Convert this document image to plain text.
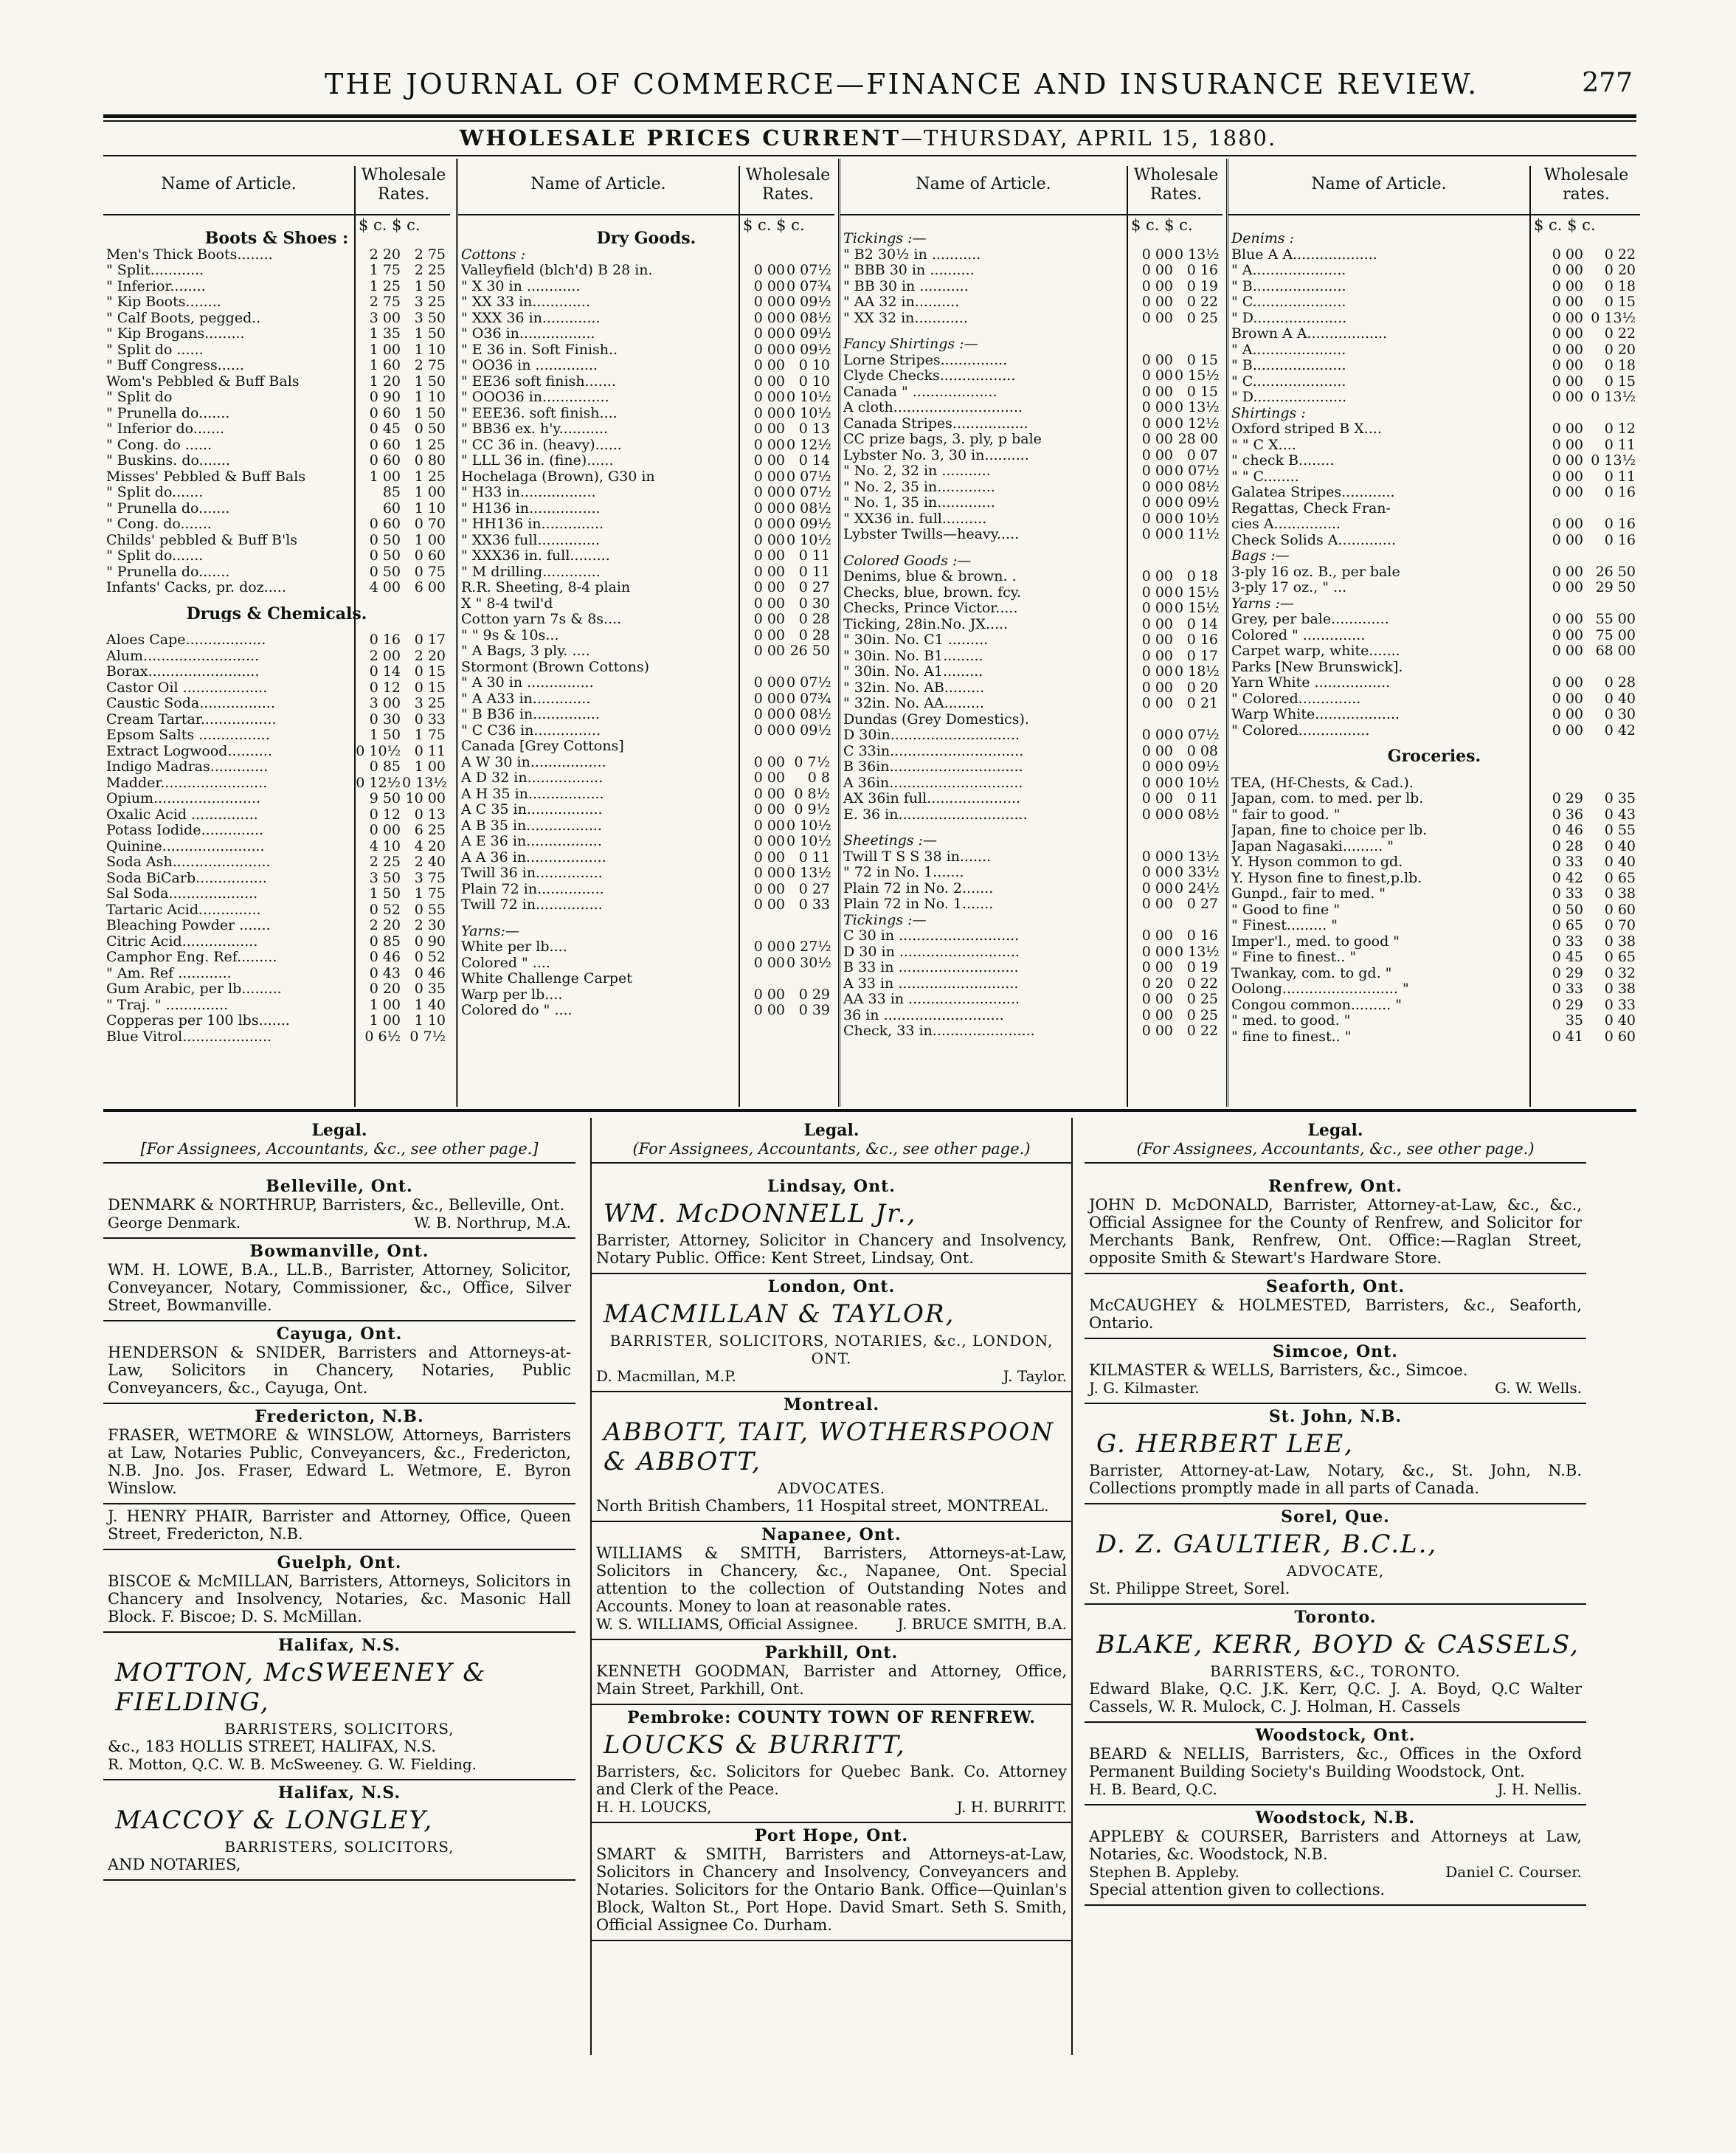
THE JOURNAL OF COMMERCE—FINANCE AND INSURANCE REVIEW.	277
WHOLESALE PRICES CURRENT—THURSDAY, APRIL 15, 1880.
Name of Article.	Wholesale Rates.
$ c. $ c.
Boots & Shoes :
Men's Thick Boots........	2 20 2 75
" Split............	1 75 2 25
" Inferior........	1 25 1 50
" Kip Boots........	2 75 3 25
" Calf Boots, pegged..	3 00 3 50
" Kip Brogans.........	1 35 1 50
" Split do ......	1 00 1 10
" Buff Congress......	1 60 2 75
Wom's Pebbled & Buff Bals	1 20 1 50
" Split do	0 90 1 10
" Prunella do.......	0 60 1 50
" Inferior do.......	0 45 0 50
" Cong. do ......	0 60 1 25
" Buskins. do.......	0 60 0 80
Misses' Pebbled & Buff Bals	1 00 1 25
" Split do.......	85 1 00
" Prunella do.......	60 1 10
" Cong. do.......	0 60 0 70
Childs' pebbled & Buff B'ls	0 50 1 00
" Split do.......	0 50 0 60
" Prunella do.......	0 50 0 75
Infants' Cacks, pr. doz.....	4 00 6 00
Drugs & Chemicals.
Aloes Cape..................	0 16 0 17
Alum..........................	2 00 2 20
Borax.........................	0 14 0 15
Castor Oil ...................	0 12 0 15
Caustic Soda.................	3 00 3 25
Cream Tartar.................	0 30 0 33
Epsom Salts ................	1 50 1 75
Extract Logwood..........	0 10½ 0 11
Indigo Madras.............	0 85 1 00
Madder........................	0 12½ 0 13½
Opium........................	9 50 10 00
Oxalic Acid ...............	0 12 0 13
Potass Iodide..............	0 00 6 25
Quinine.......................	4 10 4 20
Soda Ash......................	2 25 2 40
Soda BiCarb................	3 50 3 75
Sal Soda....................	1 50 1 75
Tartaric Acid..............	0 52 0 55
Bleaching Powder .......	2 20 2 30
Citric Acid.................	0 85 0 90
Camphor Eng. Ref.........	0 46 0 52
" Am. Ref ............	0 43 0 46
Gum Arabic, per lb.........	0 20 0 35
" Traj. " ..............	1 00 1 40
Copperas per 100 lbs.......	1 00 1 10
Blue Vitrol....................	0 6½ 0 7½
Name of Article.	Wholesale Rates.
$ c. $ c.
Dry Goods.
Cottons :
Valleyfield (blch'd) B 28 in.	0 00 0 07½
" X 30 in ............	0 00 0 07¾
" XX 33 in.............	0 00 0 09½
" XXX 36 in.............	0 00 0 08½
" O36 in.................	0 00 0 09½
" E 36 in. Soft Finish..	0 00 0 09½
" OO36 in ..............	0 00 0 10
" EE36 soft finish.......	0 00 0 10
" OOO36 in...............	0 00 0 10½
" EEE36. soft finish....	0 00 0 10½
" BB36 ex. h'y...........	0 00 0 13
" CC 36 in. (heavy)......	0 00 0 12½
" LLL 36 in. (fine)......	0 00 0 14
Hochelaga (Brown), G30 in	0 00 0 07½
" H33 in.................	0 00 0 07½
" H136 in................	0 00 0 08½
" HH136 in..............	0 00 0 09½
" XX36 full..............	0 00 0 10½
" XXX36 in. full.........	0 00 0 11
" M drilling.............	0 00 0 11
R.R. Sheeting, 8-4 plain	0 00 0 27
X " 8-4 twil'd	0 00 0 30
Cotton yarn 7s & 8s....	0 00 0 28
" " 9s & 10s...	0 00 0 28
" A Bags, 3 ply. ....	0 00 26 50
Stormont (Brown Cottons)
" A 30 in ...............	0 00 0 07½
" A A33 in.............	0 00 0 07¾
" B B36 in...............	0 00 0 08½
" C C36 in...............	0 00 0 09½
Canada [Grey Cottons]
A W 30 in.................	0 00 0 7½
A D 32 in.................	0 00	0 8
A H 35 in.................	0 00 0 8½
A C 35 in.................	0 00 0 9½
A B 35 in.................	0 00 0 10½
A E 36 in.................	0 00 0 10½
A A 36 in..................	0 00 0 11
Twill 36 in...............	0 00 0 13½
Plain 72 in...............	0 00 0 27
Twill 72 in...............	0 00 0 33
Yarns:—
White per lb....	0 00 0 27½
Colored " ....	0 00 0 30½
White Challenge Carpet
Warp per lb....	0 00 0 29
Colored do " ....	0 00 0 39
Name of Article.	Wholesale Rates.
$ c. $ c.
Tickings :—
" B2 30½ in ...........	0 00 0 13½
" BBB 30 in ..........	0 00 0 16
" BB 30 in ...........	0 00 0 19
" AA 32 in..........	0 00 0 22
" XX 32 in............	0 00 0 25
Fancy Shirtings :—
Lorne Stripes...............	0 00 0 15
Clyde Checks.................	0 00 0 15½
Canada " ...................	0 00 0 15
A cloth.............................	0 00 0 13½
Canada Stripes.................	0 00 0 12½
CC prize bags, 3. ply, p bale	0 00 28 00
Lybster No. 3, 30 in..........	0 00 0 07
" No. 2, 32 in ...........	0 00 0 07½
" No. 2, 35 in.............	0 00 0 08½
" No. 1, 35 in.............	0 00 0 09½
" XX36 in. full..........	0 00 0 10½
Lybster Twills—heavy.....	0 00 0 11½
Colored Goods :—
Denims, blue & brown. .	0 00 0 18
Checks, blue, brown. fcy.	0 00 0 15½
Checks, Prince Victor.....	0 00 0 15½
Ticking, 28in.No. JX.....	0 00 0 14
" 30in. No. C1 .........	0 00 0 16
" 30in. No. B1.........	0 00 0 17
" 30in. No. A1.........	0 00 0 18½
" 32in. No. AB.........	0 00 0 20
" 32in. No. AA.........	0 00 0 21
Dundas (Grey Domestics).
D 30in.............................	0 00 0 07½
C 33in..............................	0 00 0 08
B 36in..............................	0 00 0 09½
A 36in..............................	0 00 0 10½
AX 36in full.....................	0 00 0 11
E. 36 in.............................	0 00 0 08½
Sheetings :—
Twill T S S 38 in.......	0 00 0 13½
" 72 in No. 1.......	0 00 0 33½
Plain 72 in No. 2.......	0 00 0 24½
Plain 72 in No. 1.......	0 00 0 27
Tickings :—
C 30 in ...........................	0 00 0 16
D 30 in ...........................	0 00 0 13½
B 33 in ...........................	0 00 0 19
A 33 in ...........................	0 20 0 22
AA 33 in .........................	0 00 0 25
36 in ...........................	0 00 0 25
Check, 33 in.......................	0 00 0 22
Name of Article.	Wholesale rates.
$ c. $ c.
Denims :
Blue A A...................	0 00	0 22
" A.....................	0 00	0 20
" B.....................	0 00	0 18
" C.....................	0 00	0 15
" D.....................	0 00 0 13½
Brown A A..................	0 00	0 22
" A.....................	0 00	0 20
" B.....................	0 00	0 18
" C.....................	0 00	0 15
" D.....................	0 00 0 13½
Shirtings :
Oxford striped B X....	0 00	0 12
" " C X....	0 00	0 11
" check B........	0 00 0 13½
" " C........	0 00	0 11
Galatea Stripes............	0 00	0 16
Regattas, Check Fran-
cies A...............	0 00	0 16
Check Solids A.............	0 00	0 16
Bags :—
3-ply 16 oz. B., per bale	0 00 26 50
3-ply 17 oz., " ...	0 00 29 50
Yarns :—
Grey, per bale.............	0 00 55 00
Colored " ..............	0 00 75 00
Carpet warp, white.......	0 00 68 00
Parks [New Brunswick].
Yarn White .................	0 00	0 28
" Colored..............	0 00	0 40
Warp White...................	0 00	0 30
" Colored................	0 00	0 42
Groceries.
TEA, (Hf-Chests, & Cad.).
Japan, com. to med. per lb.	0 29	0 35
" fair to good. "	0 36	0 43
Japan, fine to choice per lb.	0 46	0 55
Japan Nagasaki......... "	0 28	0 40
Y. Hyson common to gd.	0 33	0 40
Y. Hyson fine to finest,p.lb.	0 42	0 65
Gunpd., fair to med. "	0 33	0 38
" Good to fine "	0 50	0 60
" Finest......... "	0 65	0 70
Imper'l., med. to good "	0 33	0 38
" Fine to finest.. "	0 45	0 65
Twankay, com. to gd. "	0 29	0 32
Oolong.......................... "	0 33	0 38
Congou common......... "	0 29	0 33
" med. to good. "	35	0 40
" fine to finest.. "	0 41	0 60
Legal.
[For Assignees, Accountants, &c., see other page.]
Belleville, Ont.
DENMARK & NORTHRUP, Barristers, &c., Belleville, Ont.
George Denmark.	W. B. Northrup, M.A.
Bowmanville, Ont.
WM. H. LOWE, B.A., LL.B., Barrister, Attorney, Solicitor, Conveyancer, Notary, Commissioner, &c., Office, Silver Street, Bowmanville.
Cayuga, Ont.
HENDERSON & SNIDER, Barristers and Attorneys-at-Law, Solicitors in Chancery, Notaries, Public Conveyancers, &c., Cayuga, Ont.
Fredericton, N.B.
FRASER, WETMORE & WINSLOW, Attorneys, Barristers at Law, Notaries Public, Conveyancers, &c., Fredericton, N.B. Jno. Jos. Fraser, Edward L. Wetmore, E. Byron Winslow.
J. HENRY PHAIR, Barrister and Attorney, Office, Queen Street, Fredericton, N.B.
Guelph, Ont.
BISCOE & McMILLAN, Barristers, Attorneys, Solicitors in Chancery and Insolvency, Notaries, &c. Masonic Hall Block. F. Biscoe; D. S. McMillan.
Halifax, N.S.
MOTTON, McSWEENEY & FIELDING,
BARRISTERS, SOLICITORS,
&c., 183 HOLLIS STREET, HALIFAX, N.S.
R. Motton, Q.C. W. B. McSweeney. G. W. Fielding.
Halifax, N.S.
MACCOY & LONGLEY,
BARRISTERS, SOLICITORS,
AND NOTARIES,
Legal.
(For Assignees, Accountants, &c., see other page.)
Lindsay, Ont.
WM. McDONNELL Jr.,
Barrister, Attorney, Solicitor in Chancery and Insolvency, Notary Public. Office: Kent Street, Lindsay, Ont.
London, Ont.
MACMILLAN & TAYLOR,
BARRISTER, SOLICITORS, NOTARIES, &c., LONDON, ONT.
D. Macmillan, M.P.	J. Taylor.
Montreal.
ABBOTT, TAIT, WOTHERSPOON & ABBOTT,
ADVOCATES.
North British Chambers, 11 Hospital street, MONTREAL.
Napanee, Ont.
WILLIAMS & SMITH, Barristers, Attorneys-at-Law, Solicitors in Chancery, &c., Napanee, Ont. Special attention to the collection of Outstanding Notes and Accounts. Money to loan at reasonable rates.
W. S. WILLIAMS, Official Assignee.	J. BRUCE SMITH, B.A.
Parkhill, Ont.
KENNETH GOODMAN, Barrister and Attorney, Office, Main Street, Parkhill, Ont.
Pembroke: COUNTY TOWN OF RENFREW.
LOUCKS & BURRITT,
Barristers, &c. Solicitors for Quebec Bank. Co. Attorney and Clerk of the Peace.
H. H. LOUCKS,	J. H. BURRITT.
Port Hope, Ont.
SMART & SMITH, Barristers and Attorneys-at-Law, Solicitors in Chancery and Insolvency, Conveyancers and Notaries. Solicitors for the Ontario Bank. Office—Quinlan's Block, Walton St., Port Hope. David Smart. Seth S. Smith, Official Assignee Co. Durham.
Legal.
(For Assignees, Accountants, &c., see other page.)
Renfrew, Ont.
JOHN D. McDONALD, Barrister, Attorney-at-Law, &c., &c., Official Assignee for the County of Renfrew, and Solicitor for Merchants Bank, Renfrew, Ont. Office:—Raglan Street, opposite Smith & Stewart's Hardware Store.
Seaforth, Ont.
McCAUGHEY & HOLMESTED, Barristers, &c., Seaforth, Ontario.
Simcoe, Ont.
KILMASTER & WELLS, Barristers, &c., Simcoe.
J. G. Kilmaster.	G. W. Wells.
St. John, N.B.
G. HERBERT LEE,
Barrister, Attorney-at-Law, Notary, &c., St. John, N.B. Collections promptly made in all parts of Canada.
Sorel, Que.
D. Z. GAULTIER, B.C.L.,
ADVOCATE,
St. Philippe Street, Sorel.
Toronto.
BLAKE, KERR, BOYD & CASSELS,
BARRISTERS, &C., TORONTO.
Edward Blake, Q.C. J.K. Kerr, Q.C. J. A. Boyd, Q.C Walter Cassels, W. R. Mulock, C. J. Holman, H. Cassels
Woodstock, Ont.
BEARD & NELLIS, Barristers, &c., Offices in the Oxford Permanent Building Society's Building Woodstock, Ont.
H. B. Beard, Q.C.	J. H. Nellis.
Woodstock, N.B.
APPLEBY & COURSER, Barristers and Attorneys at Law, Notaries, &c. Woodstock, N.B.
Stephen B. Appleby.	Daniel C. Courser.
Special attention given to collections.
